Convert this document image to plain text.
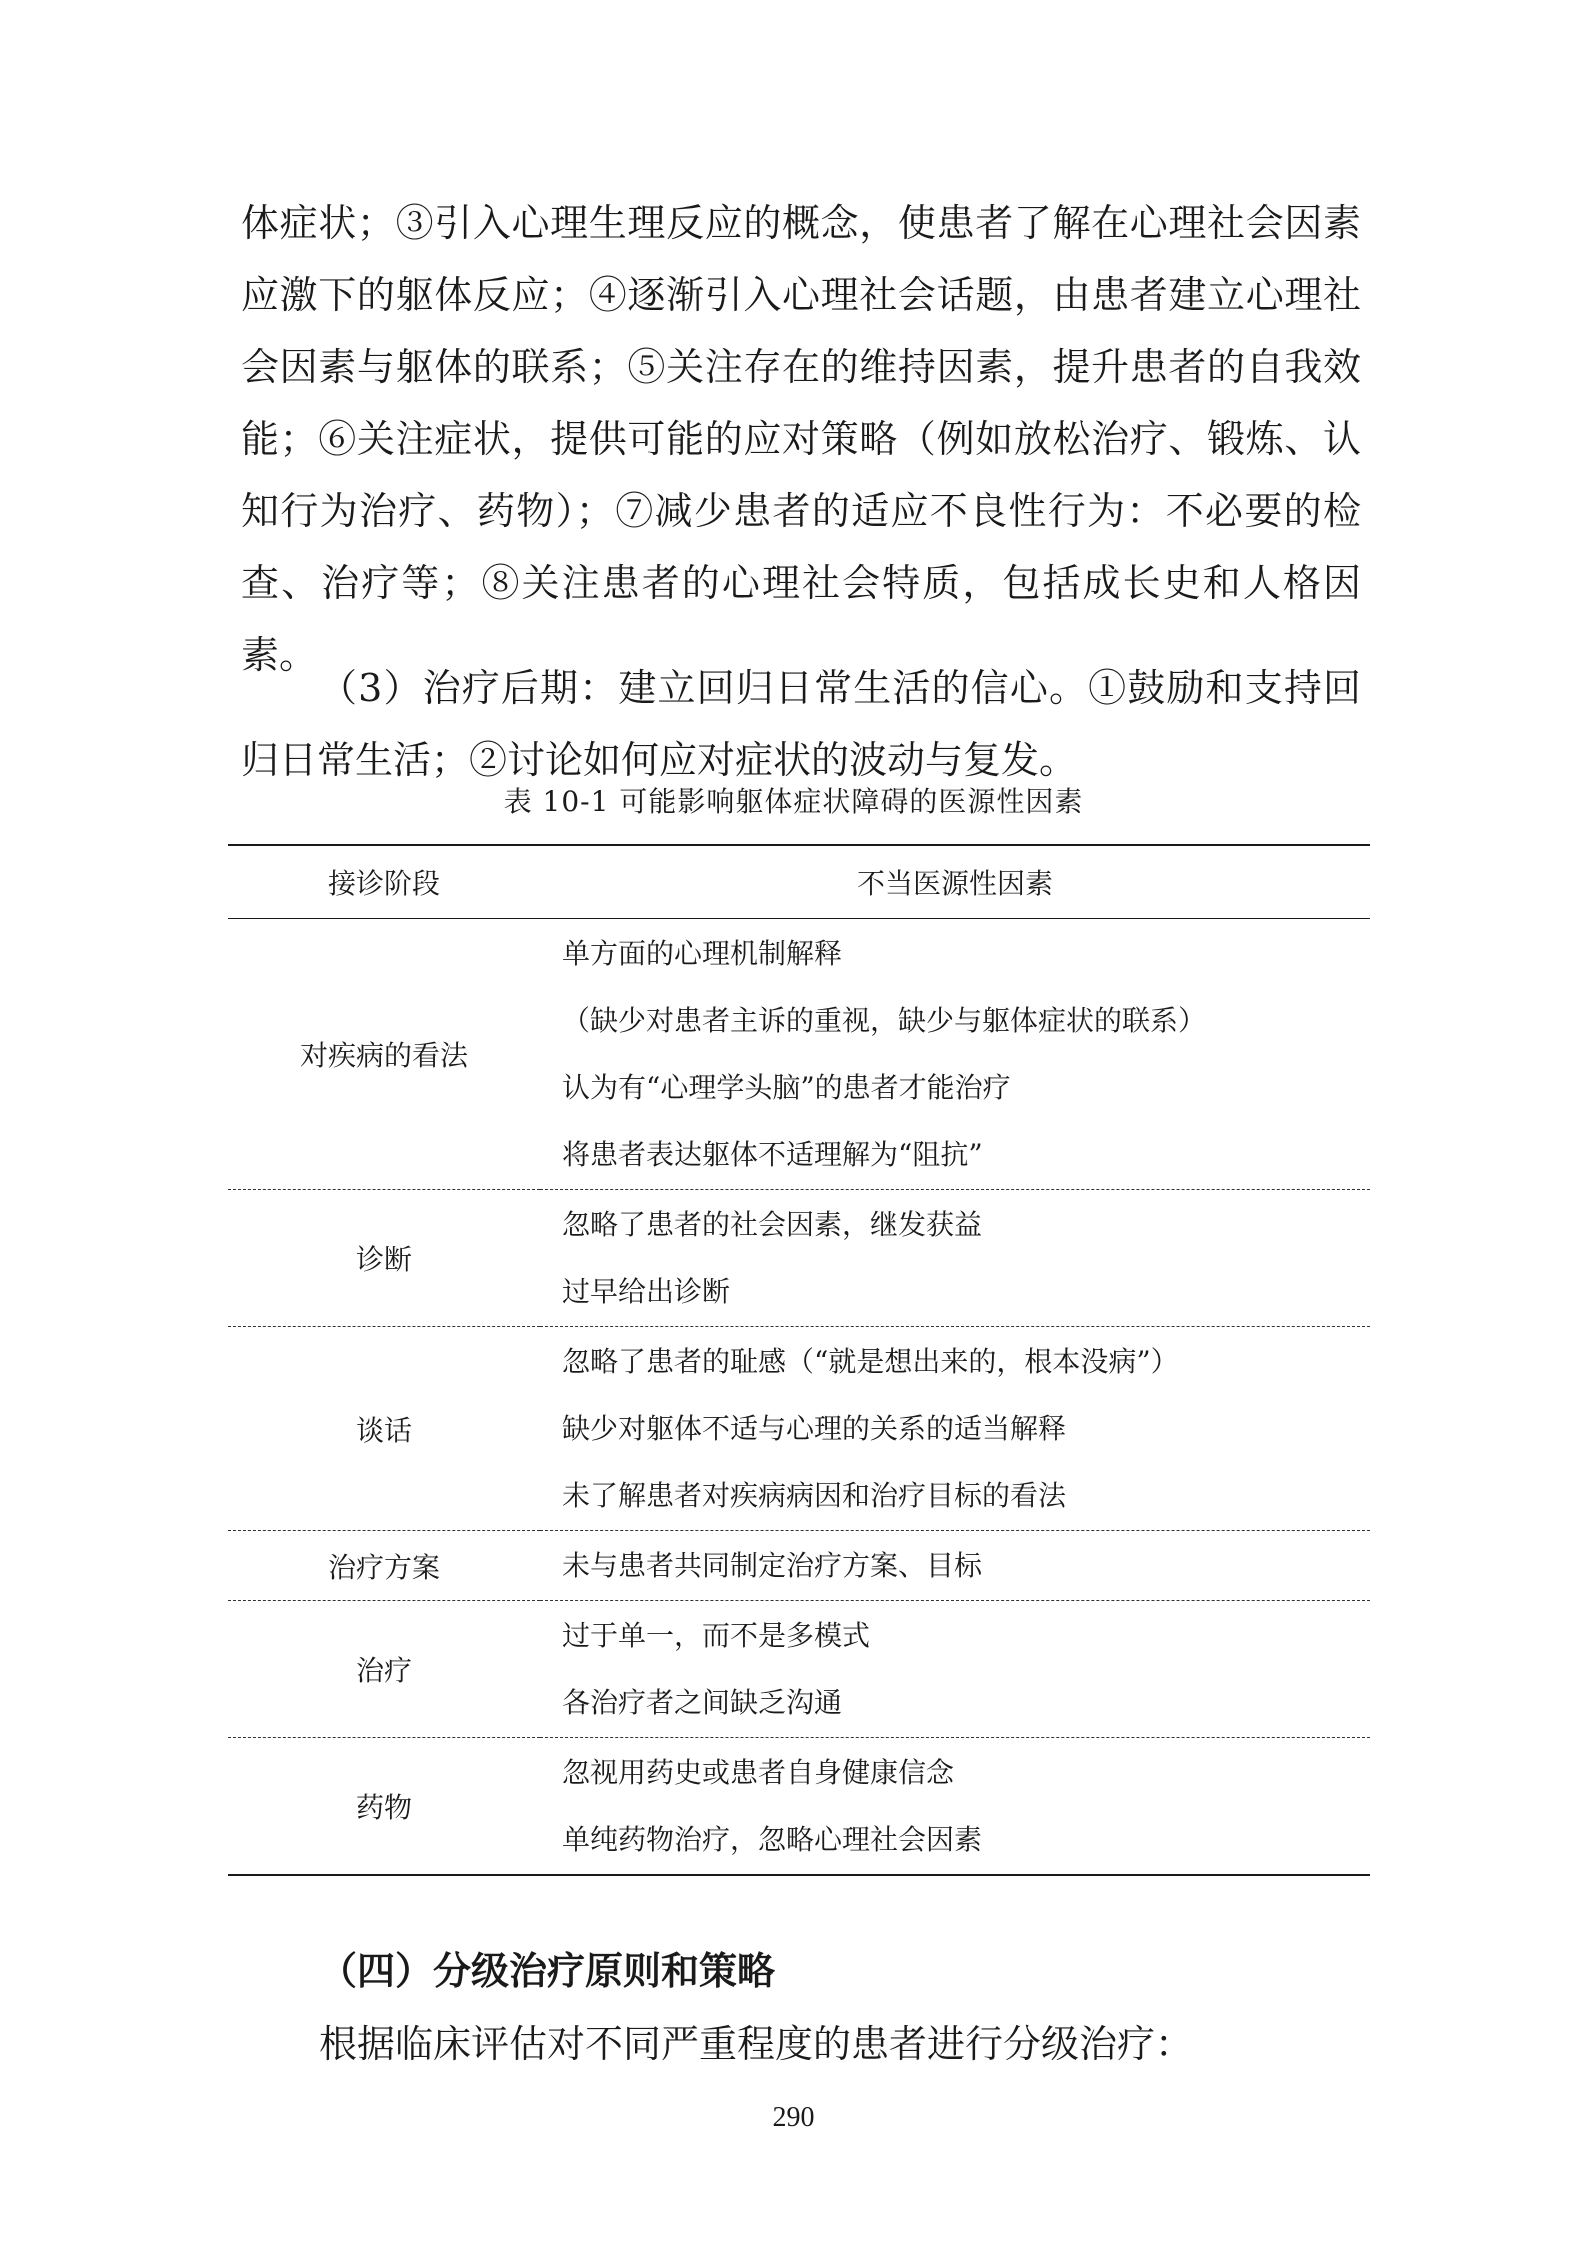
体症状；③引入心理生理反应的概念，使患者了解在心理社会因素应激下的躯体反应；④逐渐引入心理社会话题，由患者建立心理社会因素与躯体的联系；⑤关注存在的维持因素，提升患者的自我效能；⑥关注症状，提供可能的应对策略（例如放松治疗、锻炼、认知行为治疗、药物）；⑦减少患者的适应不良性行为：不必要的检查、治疗等；⑧关注患者的心理社会特质，包括成长史和人格因素。

（3）治疗后期：建立回归日常生活的信心。①鼓励和支持回归日常生活；②讨论如何应对症状的波动与复发。

表 10-1 可能影响躯体症状障碍的医源性因素

接诊阶段	不当医源性因素
对疾病的看法	单方面的心理机制解释
（缺少对患者主诉的重视，缺少与躯体症状的联系）
认为有“心理学头脑”的患者才能治疗
将患者表达躯体不适理解为“阻抗”

诊断	忽略了患者的社会因素，继发获益
过早给出诊断

谈话	忽略了患者的耻感（“就是想出来的，根本没病”）
缺少对躯体不适与心理的关系的适当解释
未了解患者对疾病病因和治疗目标的看法

治疗方案	未与患者共同制定治疗方案、目标

治疗	过于单一，而不是多模式
各治疗者之间缺乏沟通

药物	忽视用药史或患者自身健康信念
单纯药物治疗，忽略心理社会因素

（四）分级治疗原则和策略

根据临床评估对不同严重程度的患者进行分级治疗：

290
